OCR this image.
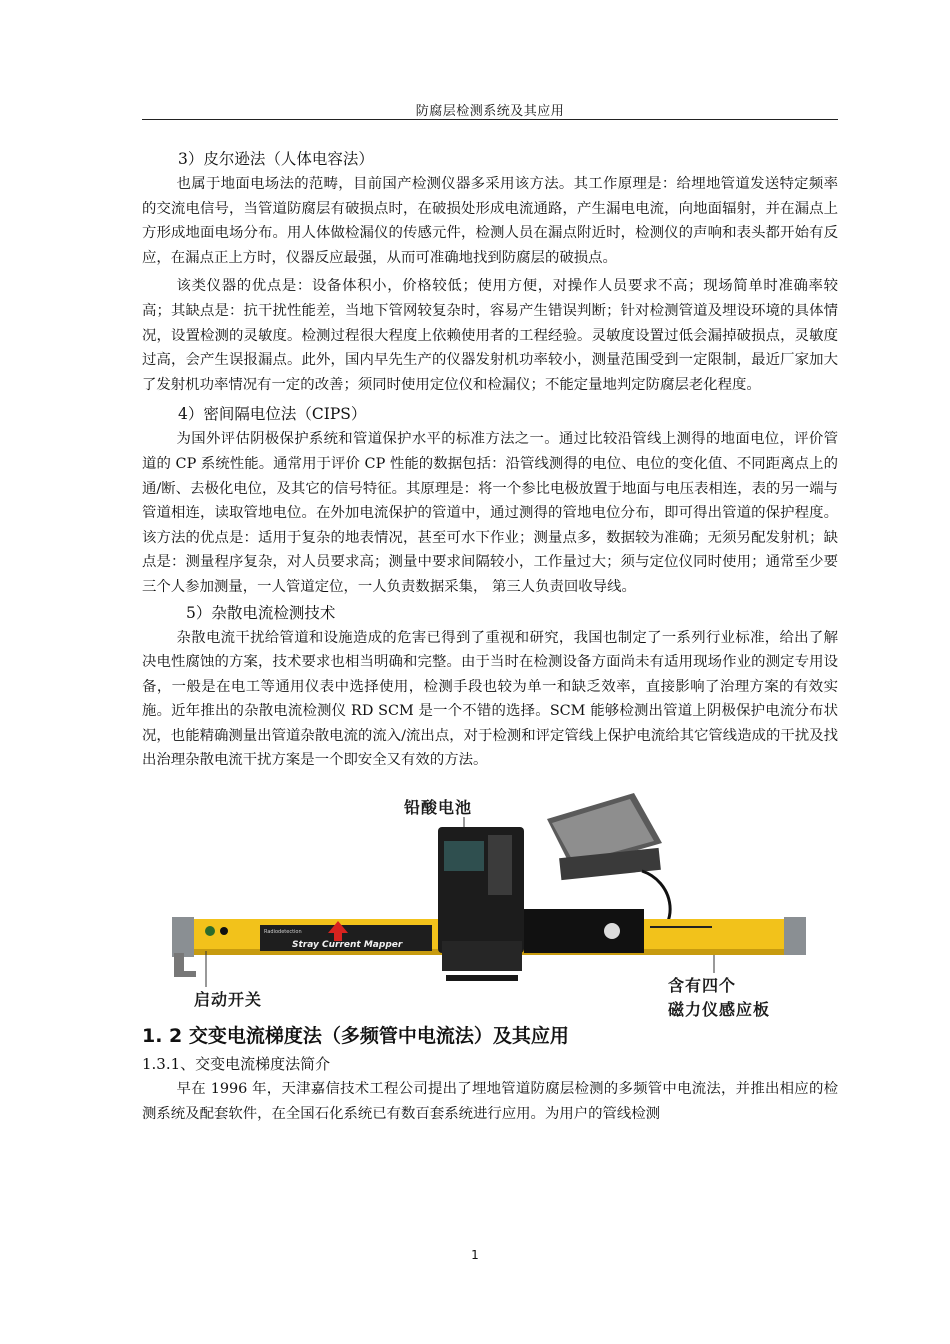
防腐层检测系统及其应用
3）皮尔逊法（人体电容法）

也属于地面电场法的范畴，目前国产检测仪器多采用该方法。其工作原理是：给埋地管道发送特定频率的交流电信号，当管道防腐层有破损点时，在破损处形成电流通路，产生漏电电流，向地面辐射，并在漏点上方形成地面电场分布。用人体做检漏仪的传感元件，检测人员在漏点附近时，检测仪的声响和表头都开始有反应，在漏点正上方时，仪器反应最强，从而可准确地找到防腐层的破损点。

该类仪器的优点是：设备体积小，价格较低；使用方便，对操作人员要求不高；现场简单时准确率较高；其缺点是：抗干扰性能差，当地下管网较复杂时，容易产生错误判断；针对检测管道及埋设环境的具体情况，设置检测的灵敏度。检测过程很大程度上依赖使用者的工程经验。灵敏度设置过低会漏掉破损点，灵敏度过高，会产生误报漏点。此外，国内早先生产的仪器发射机功率较小，测量范围受到一定限制，最近厂家加大了发射机功率情况有一定的改善；须同时使用定位仪和检漏仪；不能定量地判定防腐层老化程度。

4）密间隔电位法（CIPS）

为国外评估阴极保护系统和管道保护水平的标准方法之一。通过比较沿管线上测得的地面电位，评价管道的 CP 系统性能。通常用于评价 CP 性能的数据包括：沿管线测得的电位、电位的变化值、不同距离点上的通/断、去极化电位，及其它的信号特征。其原理是：将一个参比电极放置于地面与电压表相连，表的另一端与管道相连，读取管地电位。在外加电流保护的管道中，通过测得的管地电位分布，即可得出管道的保护程度。该方法的优点是：适用于复杂的地表情况，甚至可水下作业；测量点多，数据较为准确；无须另配发射机；缺点是：测量程序复杂，对人员要求高；测量中要求间隔较小，工作量过大；须与定位仪同时使用；通常至少要三个人参加测量，一人管道定位，一人负责数据采集， 第三人负责回收导线。

5）杂散电流检测技术

杂散电流干扰给管道和设施造成的危害已得到了重视和研究，我国也制定了一系列行业标准，给出了解决电性腐蚀的方案，技术要求也相当明确和完整。由于当时在检测设备方面尚未有适用现场作业的测定专用设备，一般是在电工等通用仪表中选择使用，检测手段也较为单一和缺乏效率，直接影响了治理方案的有效实施。近年推出的杂散电流检测仪 RD SCM 是一个不错的选择。SCM 能够检测出管道上阴极保护电流分布状况，也能精确测量出管道杂散电流的流入/流出点，对于检测和评定管线上保护电流给其它管线造成的干扰及找出治理杂散电流干扰方案是一个即安全又有效的方法。

Stray Current Mapper
Radiodetection
铅酸电池
启动开关
含有四个
磁力仪感应板
1. 2 交变电流梯度法（多频管中电流法）及其应用
1.3.1、交变电流梯度法简介

早在 1996 年，天津嘉信技术工程公司提出了埋地管道防腐层检测的多频管中电流法，并推出相应的检测系统及配套软件，在全国石化系统已有数百套系统进行应用。为用户的管线检测

1
